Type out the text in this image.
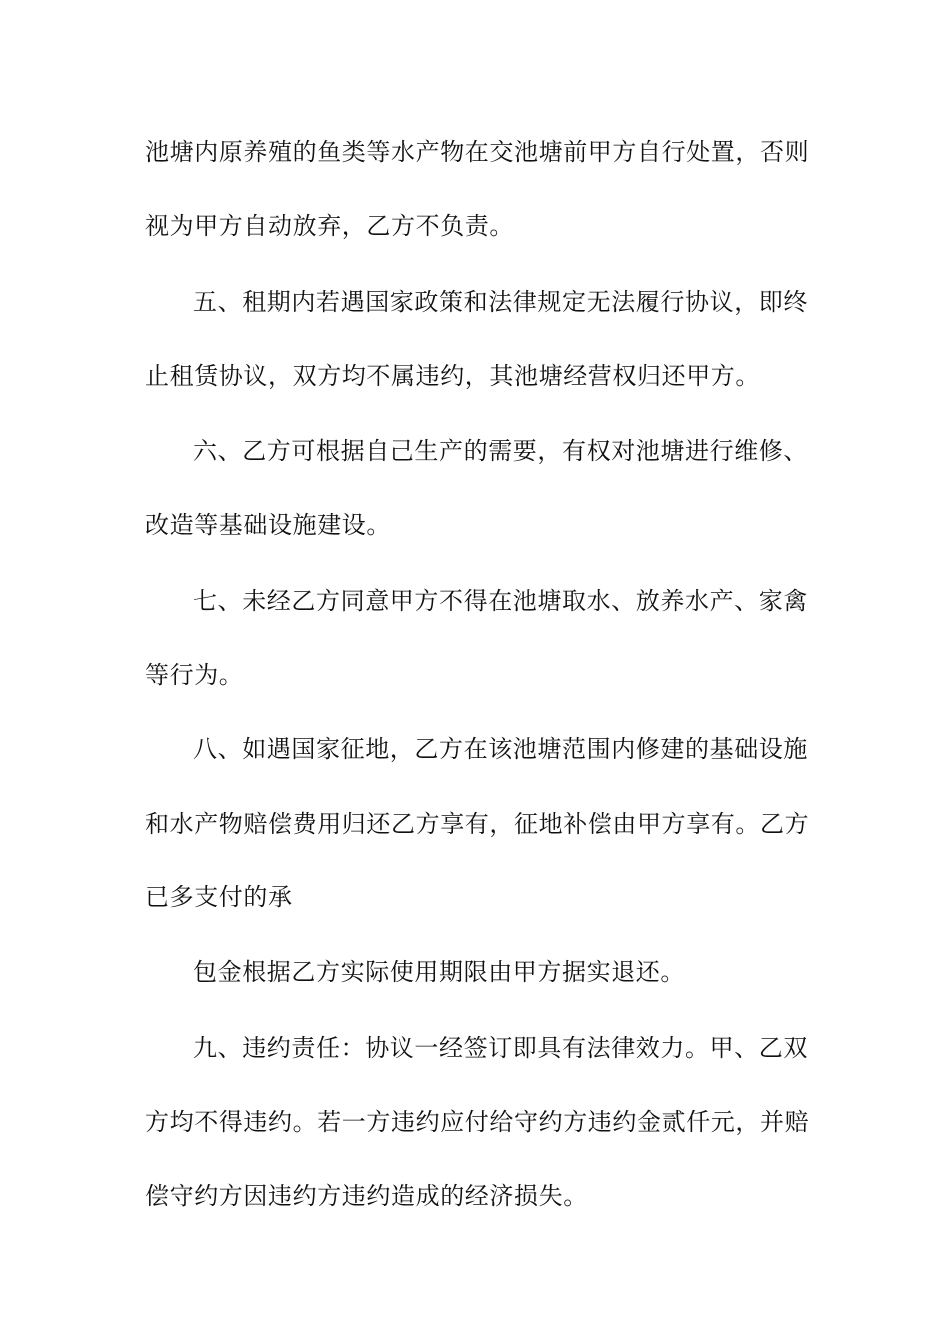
池塘内原养殖的鱼类等水产物在交池塘前甲方自行处置，否则
视为甲方自动放弃，乙方不负责。
五、租期内若遇国家政策和法律规定无法履行协议，即终
止租赁协议，双方均不属违约，其池塘经营权归还甲方。
六、乙方可根据自己生产的需要，有权对池塘进行维修、
改造等基础设施建设。
七、未经乙方同意甲方不得在池塘取水、放养水产、家禽
等行为。
八、如遇国家征地，乙方在该池塘范围内修建的基础设施
和水产物赔偿费用归还乙方享有，征地补偿由甲方享有。乙方
已多支付的承
包金根据乙方实际使用期限由甲方据实退还。
九、违约责任：协议一经签订即具有法律效力。甲、乙双
方均不得违约。若一方违约应付给守约方违约金贰仟元，并赔
偿守约方因违约方违约造成的经济损失。
